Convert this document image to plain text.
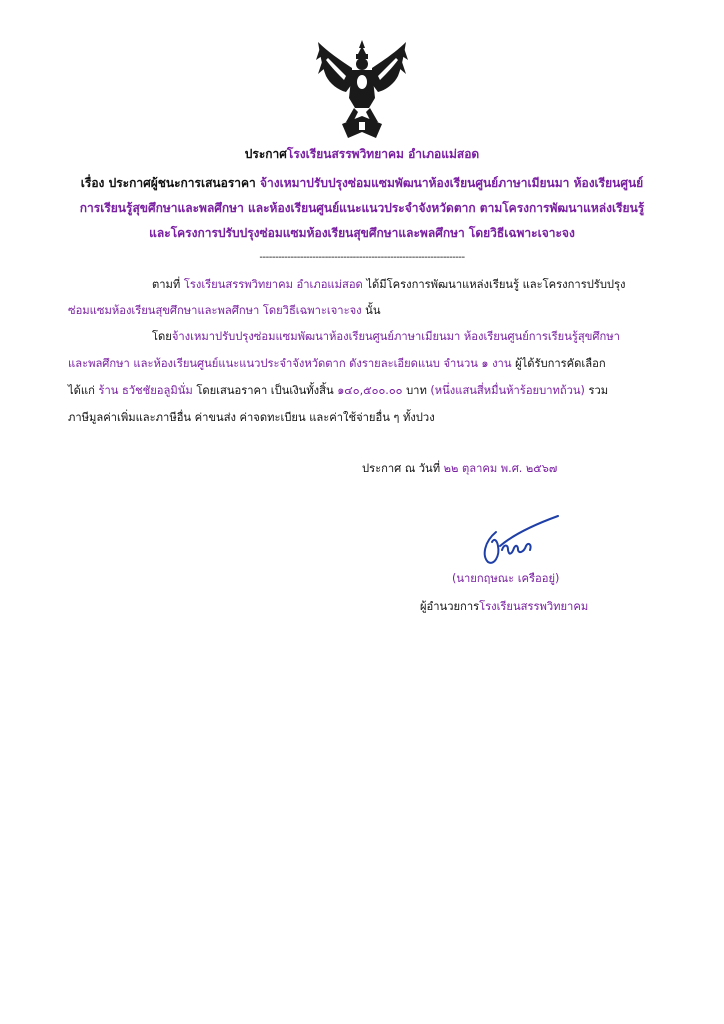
ประกาศโรงเรียนสรรพวิทยาคม อำเภอแม่สอด
เรื่อง ประกาศผู้ชนะการเสนอราคา จ้างเหมาปรับปรุงซ่อมแซมพัฒนาห้องเรียนศูนย์ภาษาเมียนมา ห้องเรียนศูนย์
การเรียนรู้สุขศึกษาและพลศึกษา และห้องเรียนศูนย์แนะแนวประจำจังหวัดตาก ตามโครงการพัฒนาแหล่งเรียนรู้
และโครงการปรับปรุงซ่อมแซมห้องเรียนสุขศึกษาและพลศึกษา โดยวิธีเฉพาะเจาะจง
------------------------------------------------------------------
ตามที่ โรงเรียนสรรพวิทยาคม อำเภอแม่สอด ได้มีโครงการพัฒนาแหล่งเรียนรู้ และโครงการปรับปรุง
ซ่อมแซมห้องเรียนสุขศึกษาและพลศึกษา โดยวิธีเฉพาะเจาะจง นั้น
โดยจ้างเหมาปรับปรุงซ่อมแซมพัฒนาห้องเรียนศูนย์ภาษาเมียนมา ห้องเรียนศูนย์การเรียนรู้สุขศึกษา
และพลศึกษา และห้องเรียนศูนย์แนะแนวประจำจังหวัดตาก ดังรายละเอียดแนบ จำนวน ๑ งาน ผู้ได้รับการคัดเลือก
ได้แก่ ร้าน ธวัชชัยอลูมินั่ม โดยเสนอราคา เป็นเงินทั้งสิ้น ๑๔๐,๕๐๐.๐๐ บาท (หนึ่งแสนสี่หมื่นห้าร้อยบาทถ้วน) รวม
ภาษีมูลค่าเพิ่มและภาษีอื่น ค่าขนส่ง ค่าจดทะเบียน และค่าใช้จ่ายอื่น ๆ ทั้งปวง
ประกาศ ณ วันที่ ๒๒ ตุลาคม พ.ศ. ๒๕๖๗
(นายกฤษณะ เครืออยู่)
ผู้อำนวยการโรงเรียนสรรพวิทยาคม
